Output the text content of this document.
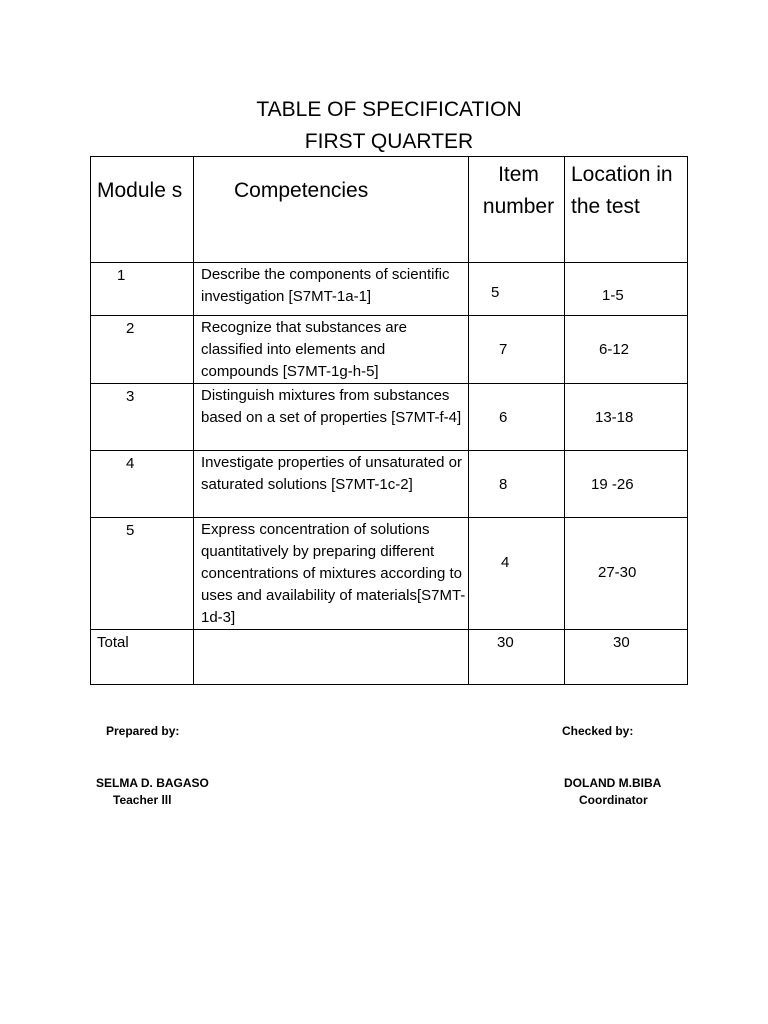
TABLE OF SPECIFICATION
FIRST QUARTER
Module s	Competencies	Item number	Location in the test
1	Describe the components of scientific investigation [S7MT-1a-1]	5	1-5
2	Recognize that substances are classified into elements and compounds [S7MT-1g-h-5]	7	6-12
3	Distinguish mixtures from substances based on a set of properties [S7MT-f-4]	6	13-18
4	Investigate properties of unsaturated or saturated solutions [S7MT-1c-2]	8	19 -26
5	Express concentration of solutions quantitatively by preparing different concentrations of mixtures according to uses and availability of materials[S7MT-1d-3]	4	27-30
Total		30	30
Prepared by:	Checked by:
SELMA D. BAGASO
Teacher lll
DOLAND M.BIBA
Coordinator
